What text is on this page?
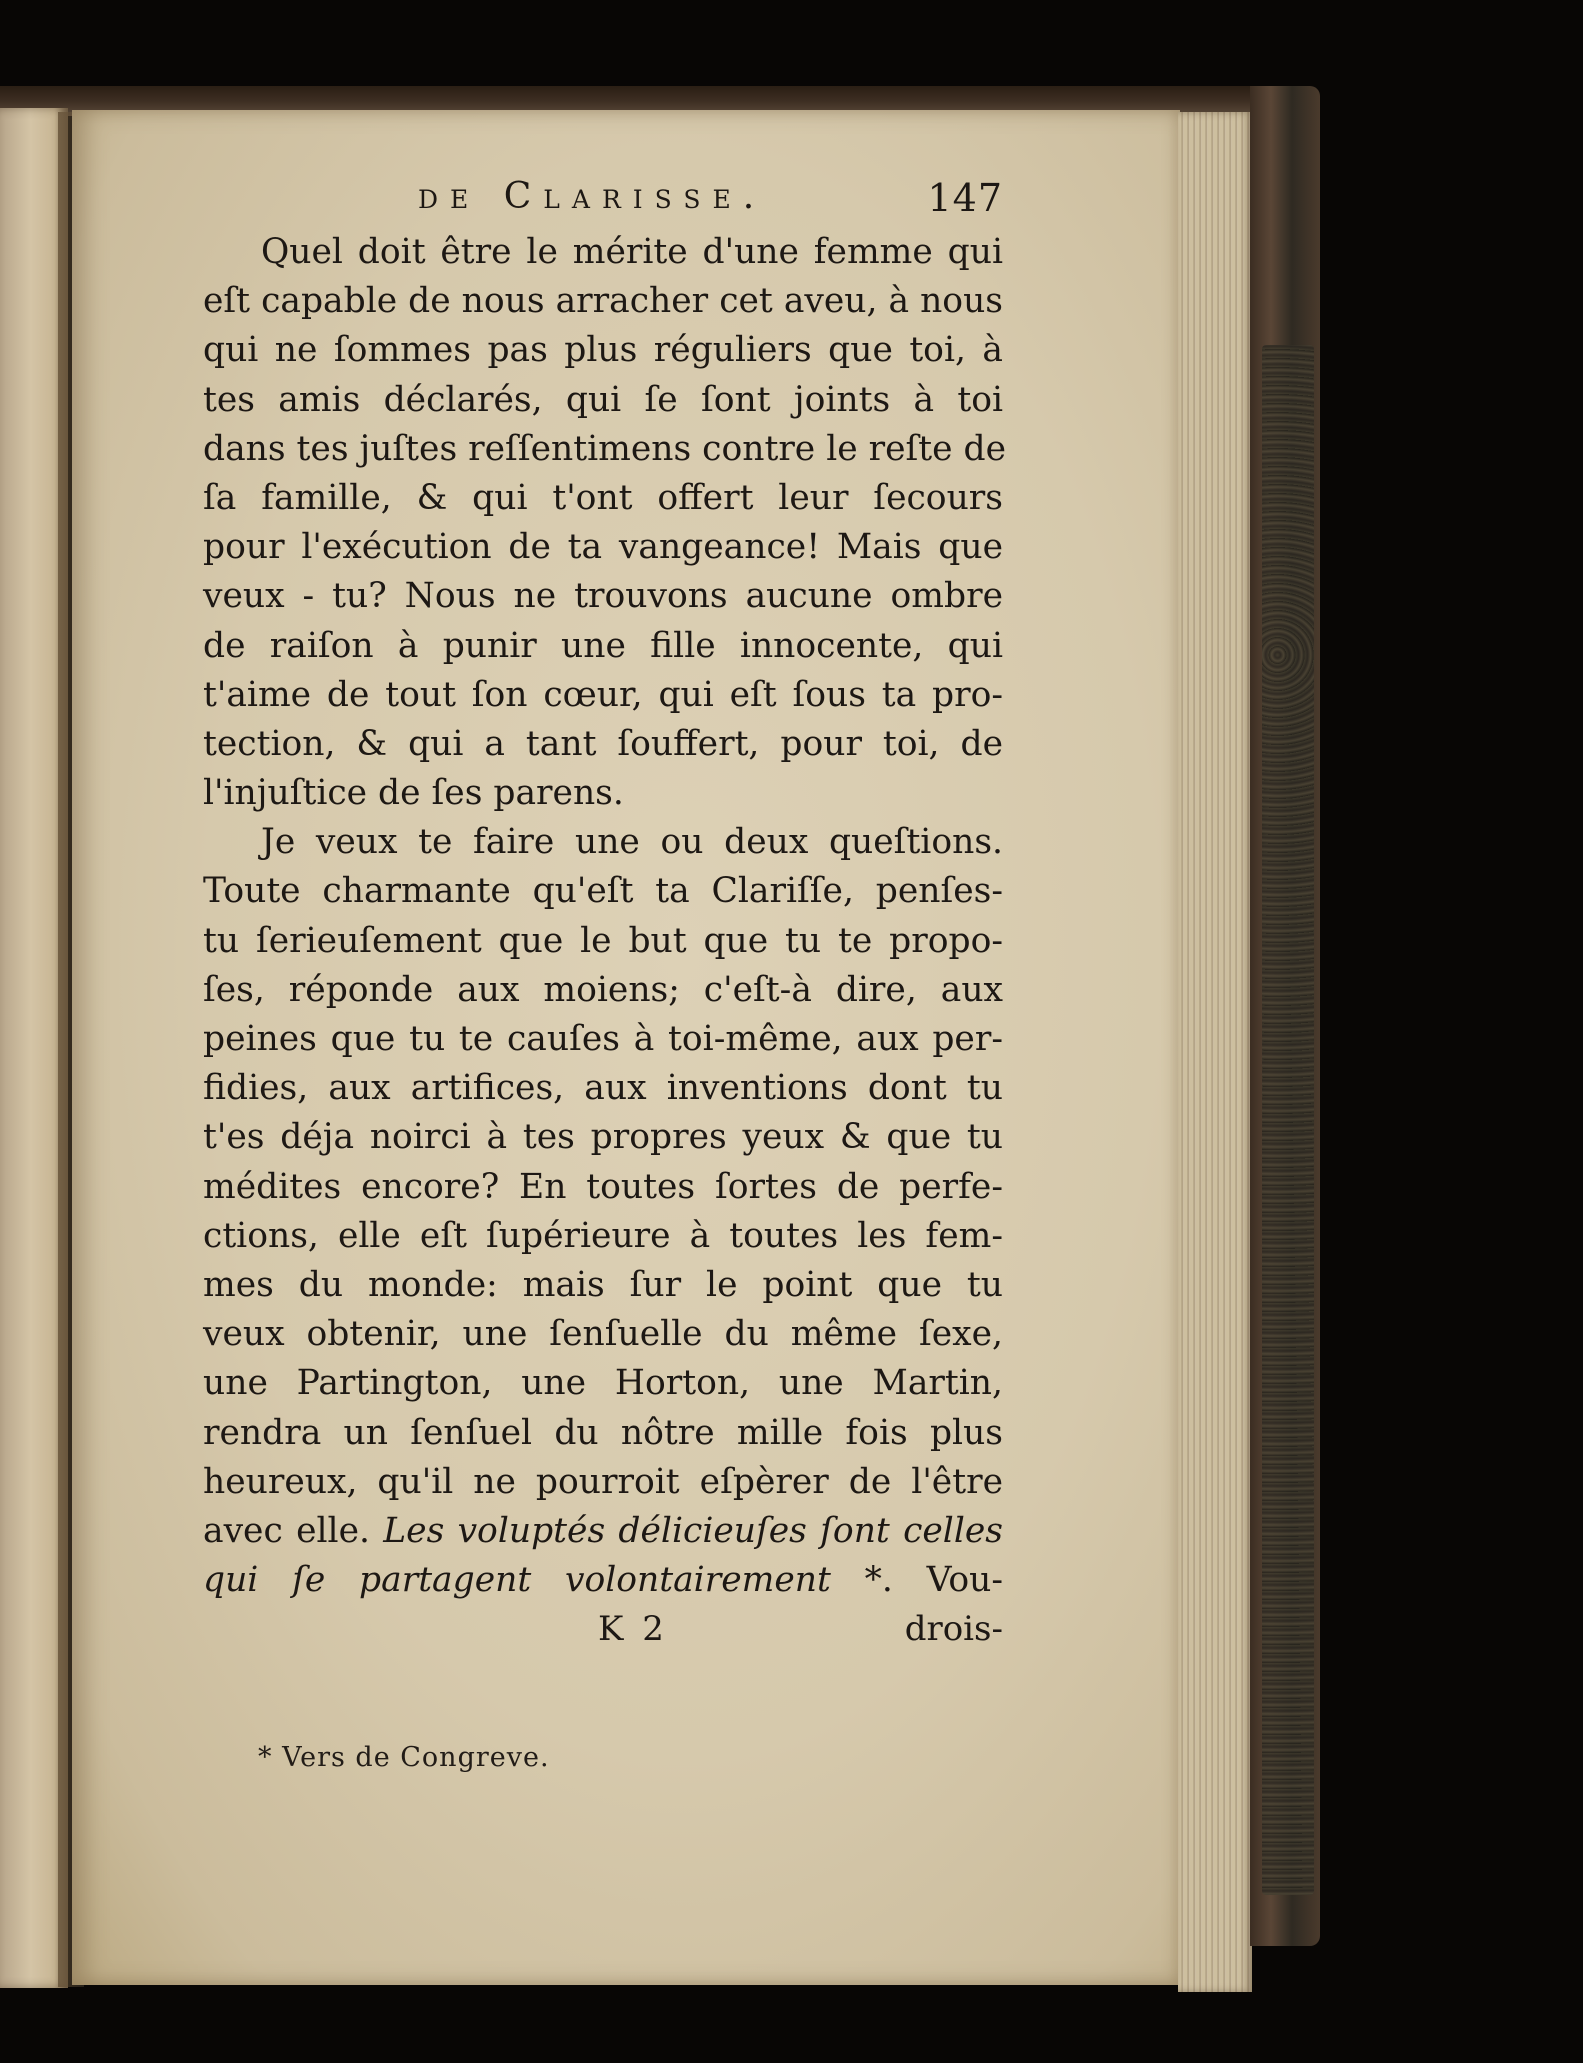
de Clarisse.	147
Quel doit être le mérite d'une femme qui
eſt capable de nous arracher cet aveu, à nous
qui ne ſommes pas plus réguliers que toi, à
tes amis déclarés, qui ſe ſont joints à toi
dans tes juſtes reſſentimens contre le reſte de
ſa famille, & qui t'ont offert leur ſecours
pour l'exécution de ta vangeance! Mais que
veux - tu? Nous ne trouvons aucune ombre
de raiſon à punir une fille innocente, qui
t'aime de tout ſon cœur, qui eſt ſous ta pro-
tection, & qui a tant ſouffert, pour toi, de
l'injuſtice de ſes parens.
Je veux te faire une ou deux queſtions.
Toute charmante qu'eſt ta Clariſſe, penſes-
tu ſerieuſement que le but que tu te propo-
ſes, réponde aux moiens; c'eſt-à dire, aux
peines que tu te cauſes à toi-même, aux per-
fidies, aux artifices, aux inventions dont tu
t'es déja noirci à tes propres yeux & que tu
médites encore? En toutes ſortes de perfe-
ctions, elle eſt ſupérieure à toutes les fem-
mes du monde: mais ſur le point que tu
veux obtenir, une ſenſuelle du même ſexe,
une Partington, une Horton, une Martin,
rendra un ſenſuel du nôtre mille fois plus
heureux, qu'il ne pourroit eſpèrer de l'être
avec elle. Les voluptés délicieuſes ſont celles
qui ſe partagent volontairement *. Vou-
K 2	drois-
* Vers de Congreve.
